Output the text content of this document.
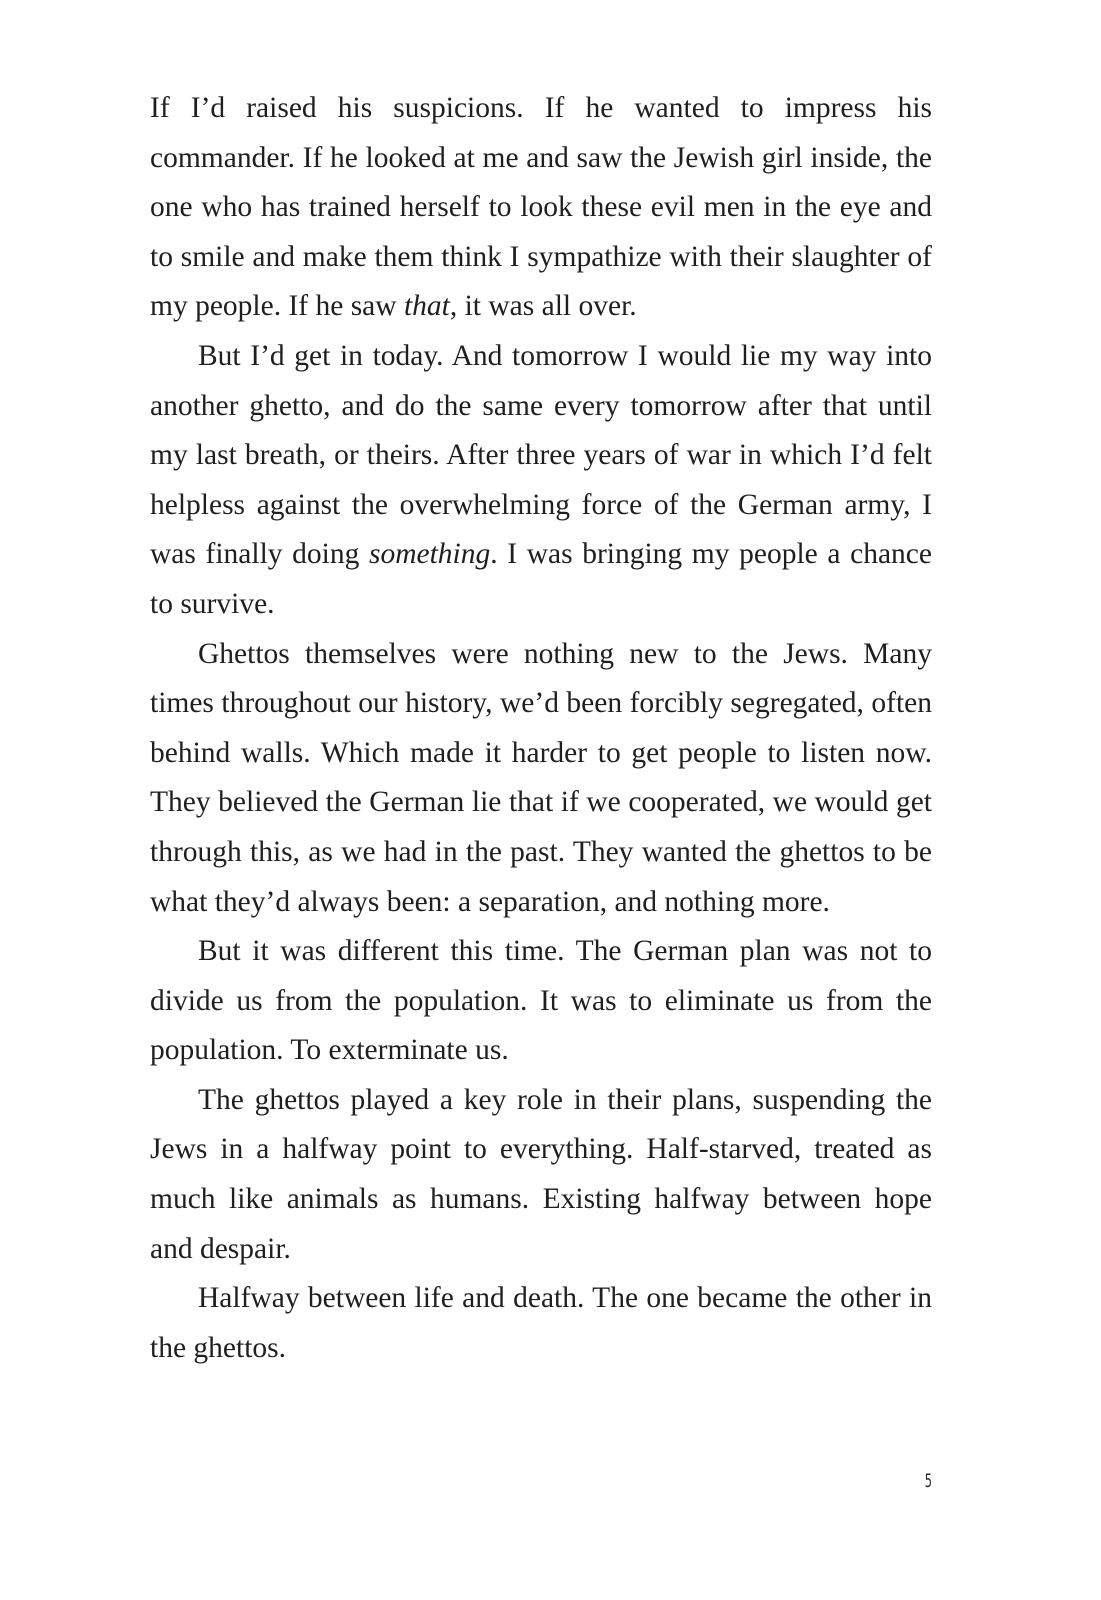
If I’d raised his suspicions. If he wanted to impress his commander. If he looked at me and saw the Jewish girl inside, the one who has trained herself to look these evil men in the eye and to smile and make them think I sympathize with their slaughter of my people. If he saw that, it was all over.

But I’d get in today. And tomorrow I would lie my way into another ghetto, and do the same every tomorrow after that until my last breath, or theirs. After three years of war in which I’d felt helpless against the overwhelming force of the German army, I was finally doing something. I was bringing my people a chance to survive.

Ghettos themselves were nothing new to the Jews. Many times throughout our history, we’d been forcibly segregated, often behind walls. Which made it harder to get people to listen now. They believed the German lie that if we cooperated, we would get through this, as we had in the past. They wanted the ghettos to be what they’d always been: a separation, and nothing more.

But it was different this time. The German plan was not to divide us from the population. It was to eliminate us from the population. To exterminate us.

The ghettos played a key role in their plans, suspending the Jews in a halfway point to everything. Half-starved, treated as much like animals as humans. Existing halfway between hope and despair.

Halfway between life and death. The one became the other in the ghettos.

5
